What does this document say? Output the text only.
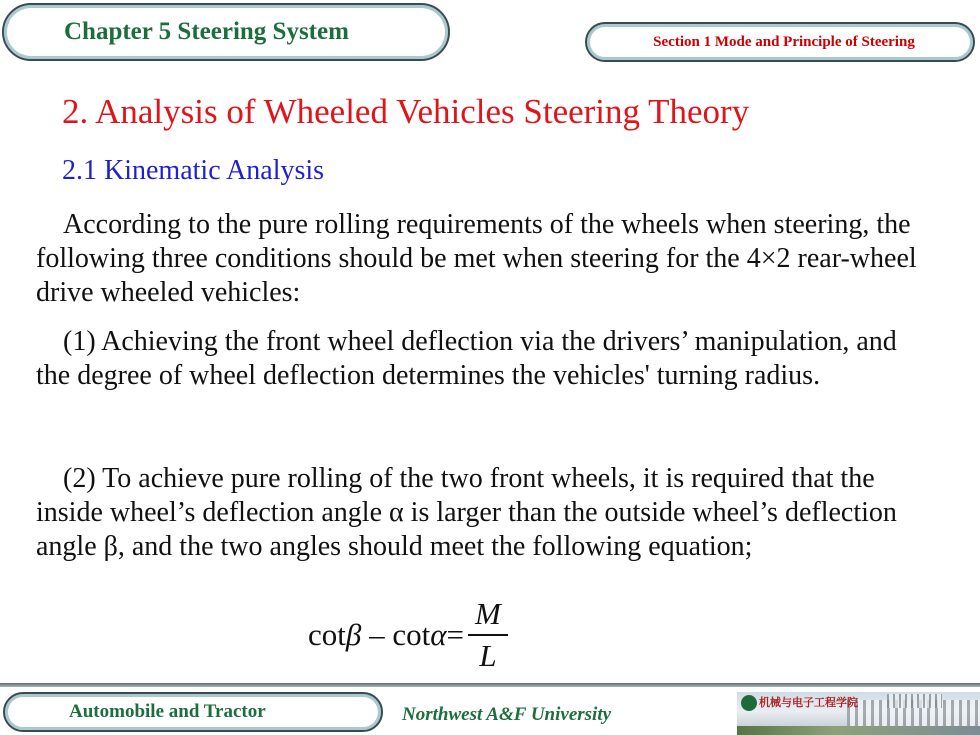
Chapter 5 Steering System	Section 1 Mode and Principle of Steering
2. Analysis of Wheeled Vehicles Steering Theory
2.1 Kinematic Analysis

According to the pure rolling requirements of the wheels when steering, the following three conditions should be met when steering for the 4×2 rear-wheel drive wheeled vehicles:

(1) Achieving the front wheel deflection via the drivers’ manipulation, and the degree of wheel deflection determines the vehicles' turning radius.

(2) To achieve pure rolling of the two front wheels, it is required that the inside wheel’s deflection angle α is larger than the outside wheel’s deflection angle β, and the two angles should meet the following equation;

$\cot \beta - \cot \alpha = \frac{M}{L}$
Automobile and Tractor	Northwest A&F University
机械与电子工程学院
